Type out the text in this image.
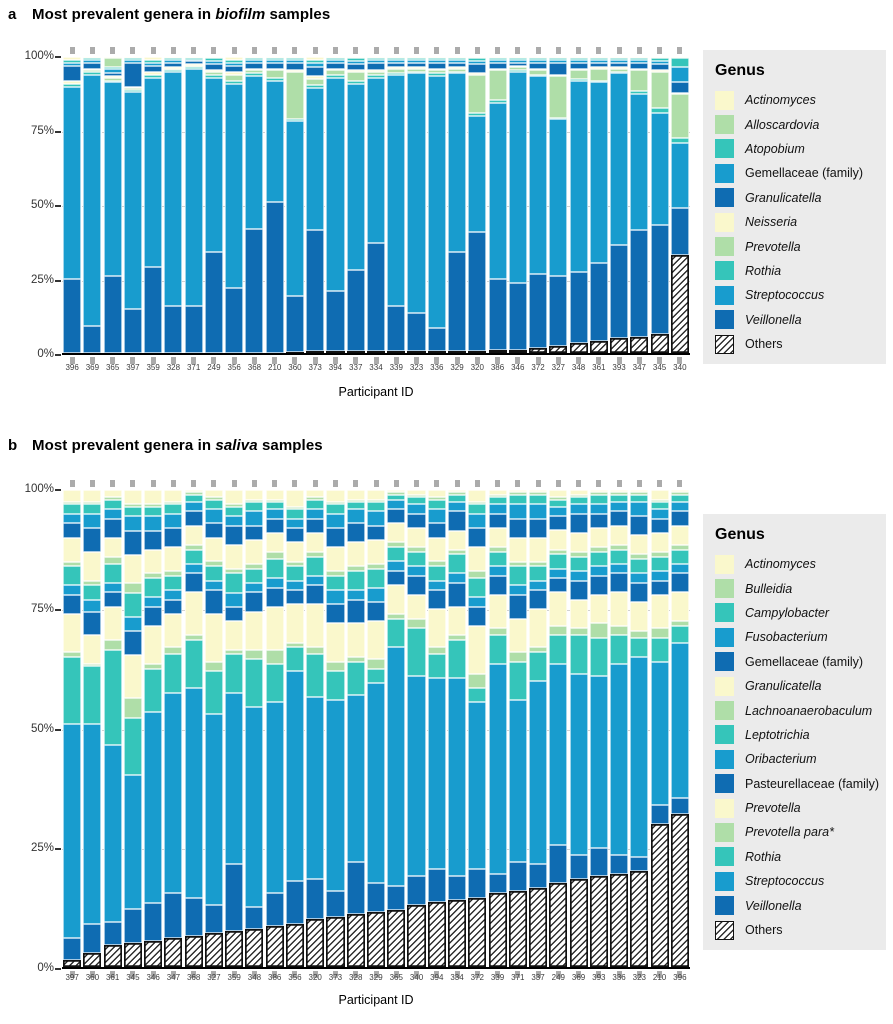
a	Most prevalent genera in biofilm samples
396 369 365 397 359 328 371 249 356 368 210 360 373 394 337 334 339 323 336 329 320 386 346 372 327 348 361 393 347 345 340
Participant ID
Genus
Actinomyces
Alloscardovia
Atopobium
Gemellaceae (family)
Granulicatella
Neisseria
Prevotella
Rothia
Streptococcus
Veillonella
Others
b Most prevalent genera in saliva samples
397 360 361 345 346 347 368 327 359 348 386 356 320 373 328 329 365 340 394 334 372 339 371 337 249 369 393 336 323 210 396
Participant ID
Genus
Actinomyces
Bulleidia
Campylobacter
Fusobacterium
Gemellaceae (family)
Granulicatella
Lachnoanaerobaculum
Leptotrichia
Oribacterium
Pasteurellaceae (family)
Prevotella
Prevotella para*
Rothia
Streptococcus
Veillonella
Others
0%
25%
50%
75%
100%
0%
25%
50%
75%
100%
